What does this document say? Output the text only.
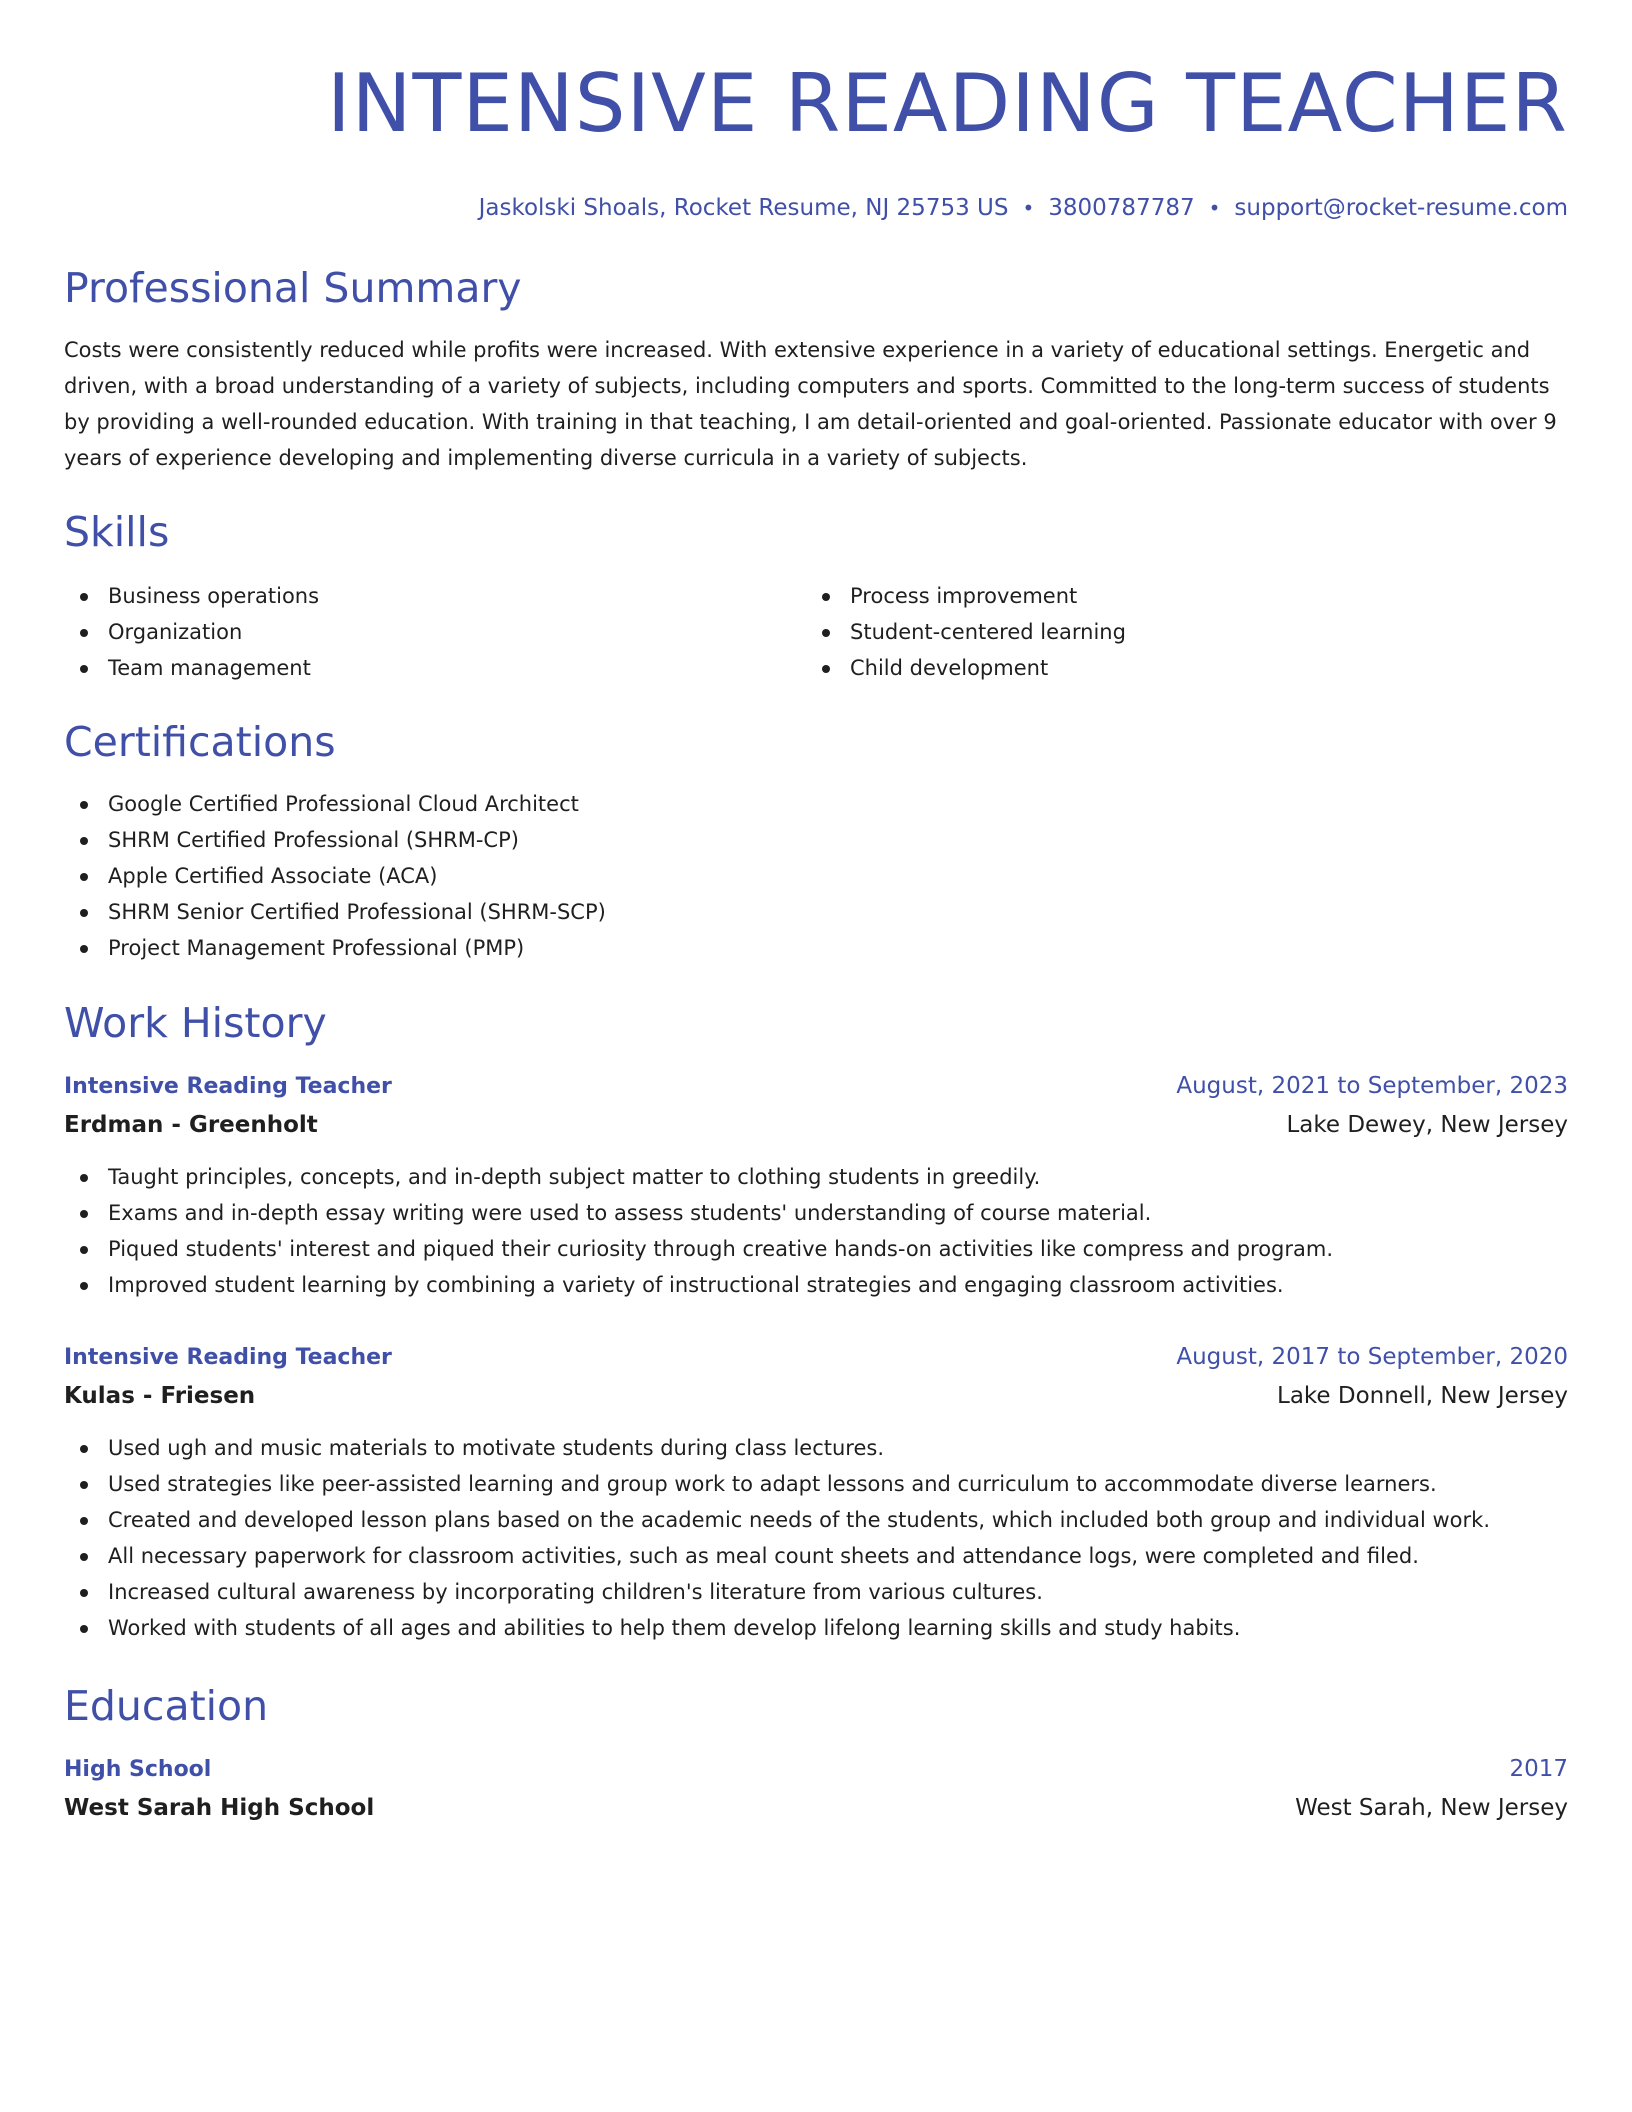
INTENSIVE READING TEACHER
Jaskolski Shoals, Rocket Resume, NJ 25753 US • 3800787787 • support@rocket-resume.com
Professional Summary

Costs were consistently reduced while profits were increased. With extensive experience in a variety of educational settings. Energetic and driven, with a broad understanding of a variety of subjects, including computers and sports. Committed to the long-term success of students by providing a well-rounded education. With training in that teaching, I am detail-oriented and goal-oriented. Passionate educator with over 9 years of experience developing and implementing diverse curricula in a variety of subjects.

Skills
Business operations
Organization
Team management
Process improvement
Student-centered learning
Child development
Certifications
Google Certified Professional Cloud Architect
SHRM Certified Professional (SHRM-CP)
Apple Certified Associate (ACA)
SHRM Senior Certified Professional (SHRM-SCP)
Project Management Professional (PMP)
Work History
Intensive Reading Teacher	August, 2021 to September, 2023
Erdman - Greenholt	Lake Dewey, New Jersey
Taught principles, concepts, and in-depth subject matter to clothing students in greedily.
Exams and in-depth essay writing were used to assess students' understanding of course material.
Piqued students' interest and piqued their curiosity through creative hands-on activities like compress and program.
Improved student learning by combining a variety of instructional strategies and engaging classroom activities.
Intensive Reading Teacher	August, 2017 to September, 2020
Kulas - Friesen	Lake Donnell, New Jersey
Used ugh and music materials to motivate students during class lectures.
Used strategies like peer-assisted learning and group work to adapt lessons and curriculum to accommodate diverse learners.
Created and developed lesson plans based on the academic needs of the students, which included both group and individual work.
All necessary paperwork for classroom activities, such as meal count sheets and attendance logs, were completed and filed.
Increased cultural awareness by incorporating children's literature from various cultures.
Worked with students of all ages and abilities to help them develop lifelong learning skills and study habits.
Education
High School	2017
West Sarah High School	West Sarah, New Jersey
